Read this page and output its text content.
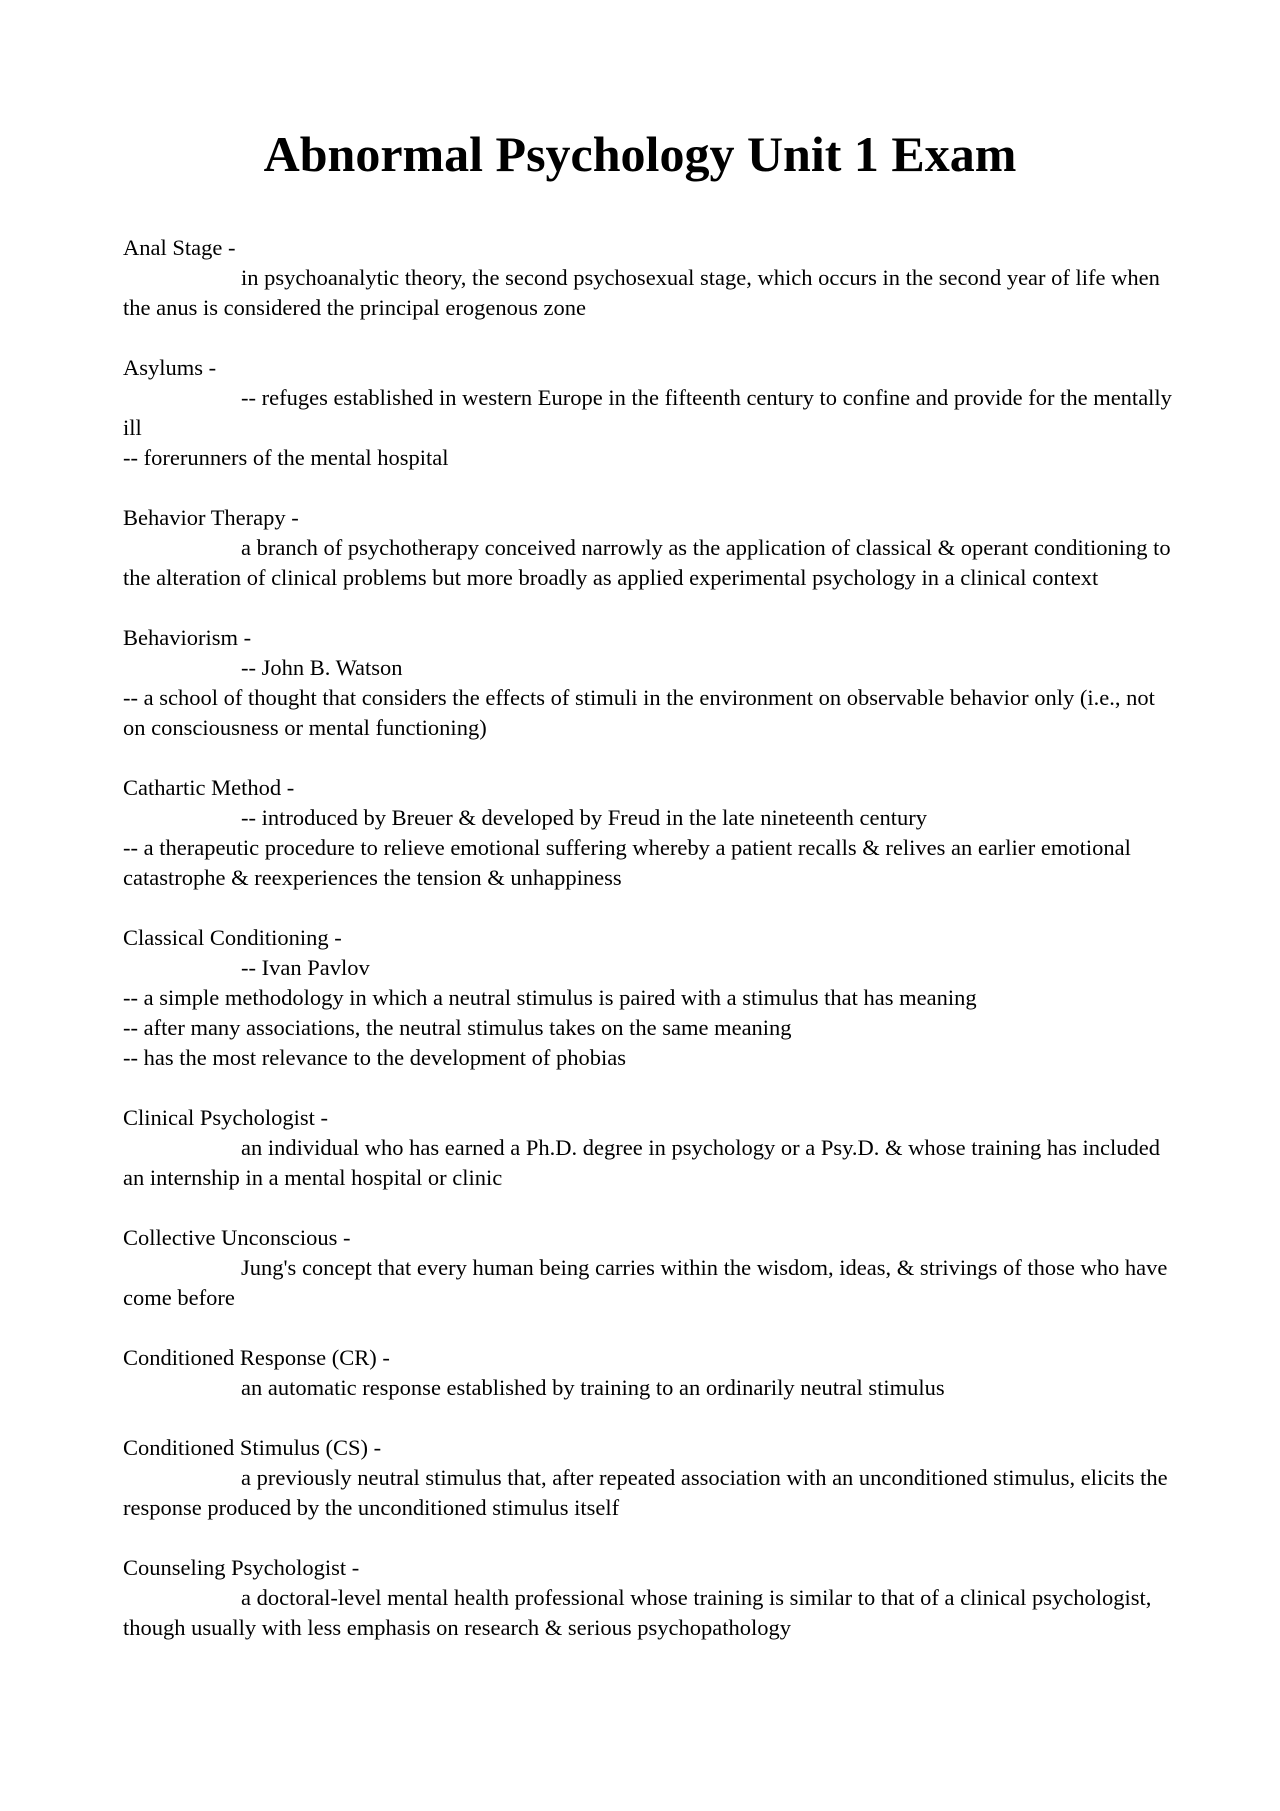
Abnormal Psychology Unit 1 Exam
Anal Stage -
in psychoanalytic theory, the second psychosexual stage, which occurs in the second year of life when the anus is considered the principal erogenous zone
Asylums -
-- refuges established in western Europe in the fifteenth century to confine and provide for the mentally ill
-- forerunners of the mental hospital
Behavior Therapy -
a branch of psychotherapy conceived narrowly as the application of classical & operant conditioning to the alteration of clinical problems but more broadly as applied experimental psychology in a clinical context
Behaviorism -
-- John B. Watson
-- a school of thought that considers the effects of stimuli in the environment on observable behavior only (i.e., not on consciousness or mental functioning)
Cathartic Method -
-- introduced by Breuer & developed by Freud in the late nineteenth century
-- a therapeutic procedure to relieve emotional suffering whereby a patient recalls & relives an earlier emotional catastrophe & reexperiences the tension & unhappiness
Classical Conditioning -
-- Ivan Pavlov
-- a simple methodology in which a neutral stimulus is paired with a stimulus that has meaning
-- after many associations, the neutral stimulus takes on the same meaning
-- has the most relevance to the development of phobias
Clinical Psychologist -
an individual who has earned a Ph.D. degree in psychology or a Psy.D. & whose training has included an internship in a mental hospital or clinic
Collective Unconscious -
Jung's concept that every human being carries within the wisdom, ideas, & strivings of those who have come before
Conditioned Response (CR) -
an automatic response established by training to an ordinarily neutral stimulus
Conditioned Stimulus (CS) -
a previously neutral stimulus that, after repeated association with an unconditioned stimulus, elicits the response produced by the unconditioned stimulus itself
Counseling Psychologist -
a doctoral-level mental health professional whose training is similar to that of a clinical psychologist, though usually with less emphasis on research & serious psychopathology
